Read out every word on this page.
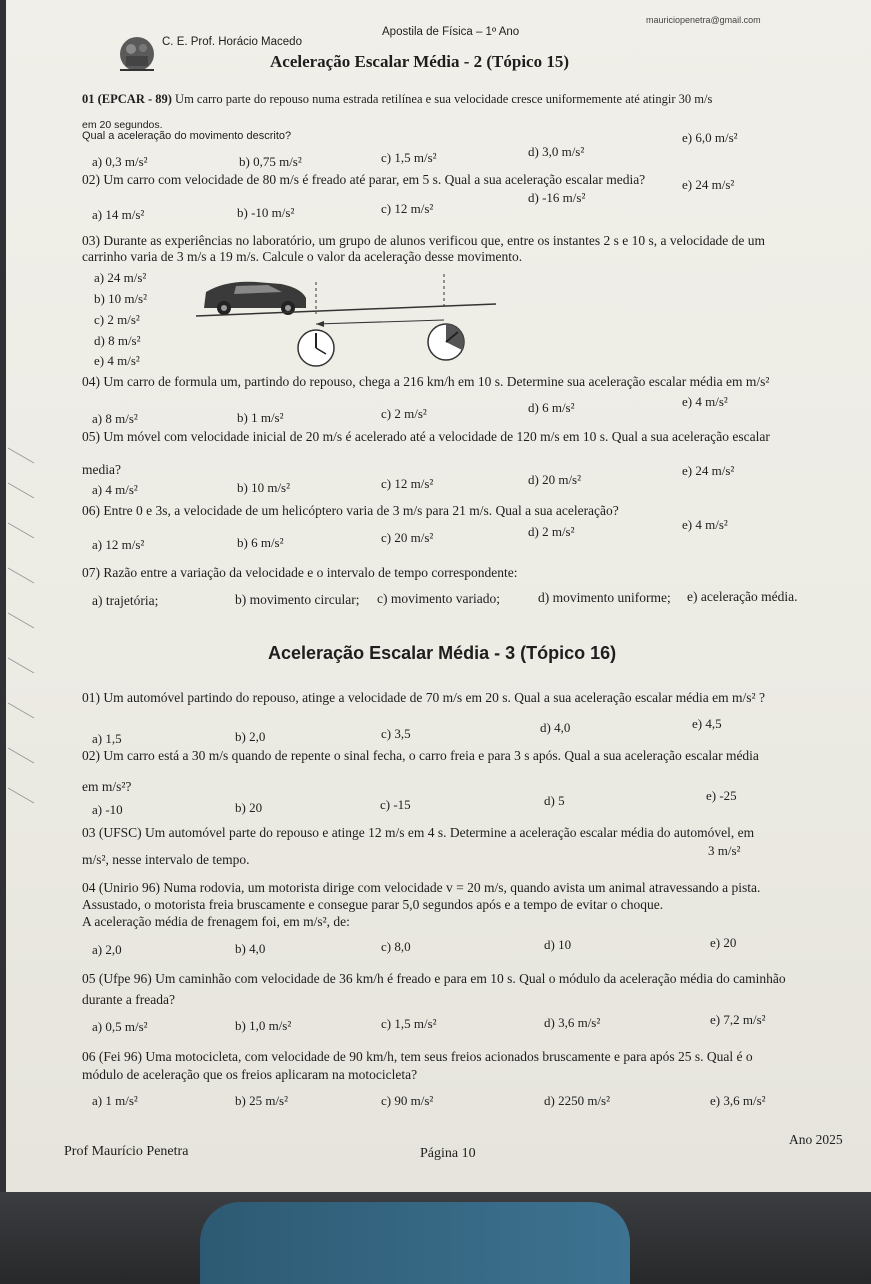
C. E. Prof. Horácio Macedo
Apostila de Física – 1º Ano
mauriciopenetra@gmail.com
Aceleração Escalar Média - 2 (Tópico 15)
01 (EPCAR - 89) Um carro parte do repouso numa estrada retilínea e sua velocidade cresce uniformemente até atingir 30 m/s
em 20 segundos.
Qual a aceleração do movimento descrito?
a) 0,3 m/s²	b) 0,75 m/s²	c) 1,5 m/s²	d) 3,0 m/s²
e) 6,0 m/s²
02) Um carro com velocidade de 80 m/s é freado até parar, em 5 s. Qual a sua aceleração escalar media?
a) 14 m/s²	b) -10 m/s²	c) 12 m/s²
d) -16 m/s²
e) 24 m/s²
03) Durante as experiências no laboratório, um grupo de alunos verificou que, entre os instantes 2 s e 10 s, a velocidade de um
carrinho varia de 3 m/s a 19 m/s. Calcule o valor da aceleração desse movimento.
a) 24 m/s²
b) 10 m/s²
c) 2 m/s²
d) 8 m/s²
e) 4 m/s²
04) Um carro de formula um, partindo do repouso, chega a 216 km/h em 10 s. Determine sua aceleração escalar média em m/s²
a) 8 m/s²	b) 1 m/s²	c) 2 m/s²	d) 6 m/s²	e) 4 m/s²
05) Um móvel com velocidade inicial de 20 m/s é acelerado até a velocidade de 120 m/s em 10 s. Qual a sua aceleração escalar
media?
a) 4 m/s²	b) 10 m/s²	c) 12 m/s²	d) 20 m/s²
e) 24 m/s²
06) Entre 0 e 3s, a velocidade de um helicóptero varia de 3 m/s para 21 m/s. Qual a sua aceleração?
a) 12 m/s²	b) 6 m/s²	c) 20 m/s²	d) 2 m/s²	e) 4 m/s²
07) Razão entre a variação da velocidade e o intervalo de tempo correspondente:
a) trajetória;	b) movimento circular; c) movimento variado;	d) movimento uniforme; e) aceleração média.
Aceleração Escalar Média - 3 (Tópico 16)
01) Um automóvel partindo do repouso, atinge a velocidade de 70 m/s em 20 s. Qual a sua aceleração escalar média em m/s² ?
a) 1,5	b) 2,0	c) 3,5	d) 4,0	e) 4,5
02) Um carro está a 30 m/s quando de repente o sinal fecha, o carro freia e para 3 s após. Qual a sua aceleração escalar média
em m/s²?
a) -10	b) 20	c) -15	d) 5	e) -25
03 (UFSC) Um automóvel parte do repouso e atinge 12 m/s em 4 s. Determine a aceleração escalar média do automóvel, em
m/s², nesse intervalo de tempo.
3 m/s²
04 (Unirio 96) Numa rodovia, um motorista dirige com velocidade v = 20 m/s, quando avista um animal atravessando a pista.
Assustado, o motorista freia bruscamente e consegue parar 5,0 segundos após e a tempo de evitar o choque.
A aceleração média de frenagem foi, em m/s², de:
a) 2,0	b) 4,0	c) 8,0	d) 10	e) 20
05 (Ufpe 96) Um caminhão com velocidade de 36 km/h é freado e para em 10 s. Qual o módulo da aceleração média do caminhão
durante a freada?
a) 0,5 m/s²	b) 1,0 m/s²	c) 1,5 m/s²	d) 3,6 m/s²	e) 7,2 m/s²
06 (Fei 96) Uma motocicleta, com velocidade de 90 km/h, tem seus freios acionados bruscamente e para após 25 s. Qual é o
módulo de aceleração que os freios aplicaram na motocicleta?
a) 1 m/s²	b) 25 m/s²	c) 90 m/s²	d) 2250 m/s²	e) 3,6 m/s²
Prof Maurício Penetra	Página 10
Ano 2025
